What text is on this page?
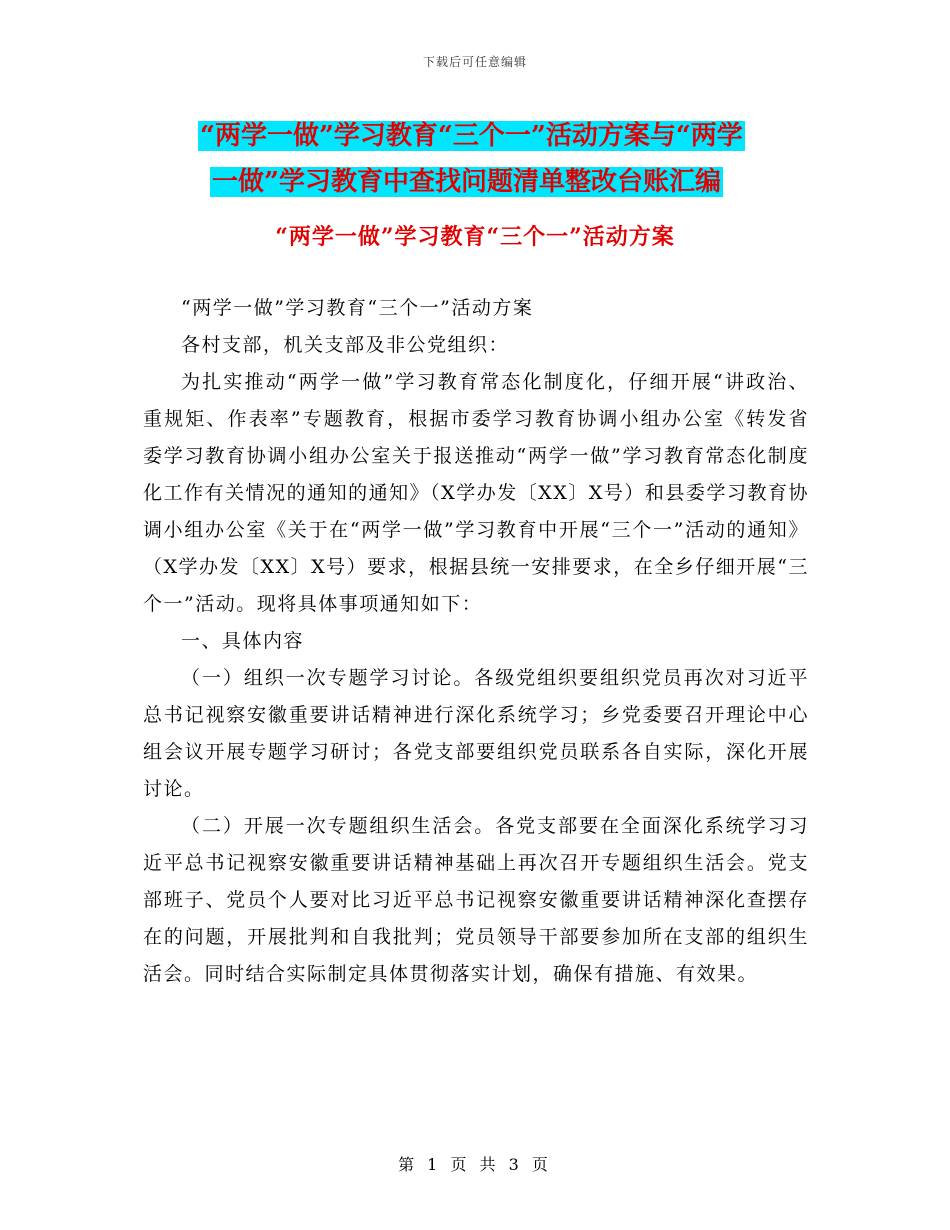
下载后可任意编辑
“两学一做”学习教育“三个一”活动方案与“两学
一做”学习教育中查找问题清单整改台账汇编
“两学一做”学习教育“三个一”活动方案

“两学一做”学习教育“三个一”活动方案

各村支部，机关支部及非公党组织：

为扎实推动“两学一做”学习教育常态化制度化，仔细开展“讲政治、重规矩、作表率”专题教育，根据市委学习教育协调小组办公室《转发省委学习教育协调小组办公室关于报送推动“两学一做”学习教育常态化制度化工作有关情况的通知的通知》（X学办发〔XX〕X号）和县委学习教育协调小组办公室《关于在“两学一做”学习教育中开展“三个一”活动的通知》（X学办发〔XX〕X号）要求，根据县统一安排要求，在全乡仔细开展“三个一”活动。现将具体事项通知如下：

一、具体内容

（一）组织一次专题学习讨论。各级党组织要组织党员再次对习近平总书记视察安徽重要讲话精神进行深化系统学习；乡党委要召开理论中心组会议开展专题学习研讨；各党支部要组织党员联系各自实际，深化开展讨论。

（二）开展一次专题组织生活会。各党支部要在全面深化系统学习习近平总书记视察安徽重要讲话精神基础上再次召开专题组织生活会。党支部班子、党员个人要对比习近平总书记视察安徽重要讲话精神深化查摆存在的问题，开展批判和自我批判；党员领导干部要参加所在支部的组织生活会。同时结合实际制定具体贯彻落实计划，确保有措施、有效果。

第 1 页 共 3 页
